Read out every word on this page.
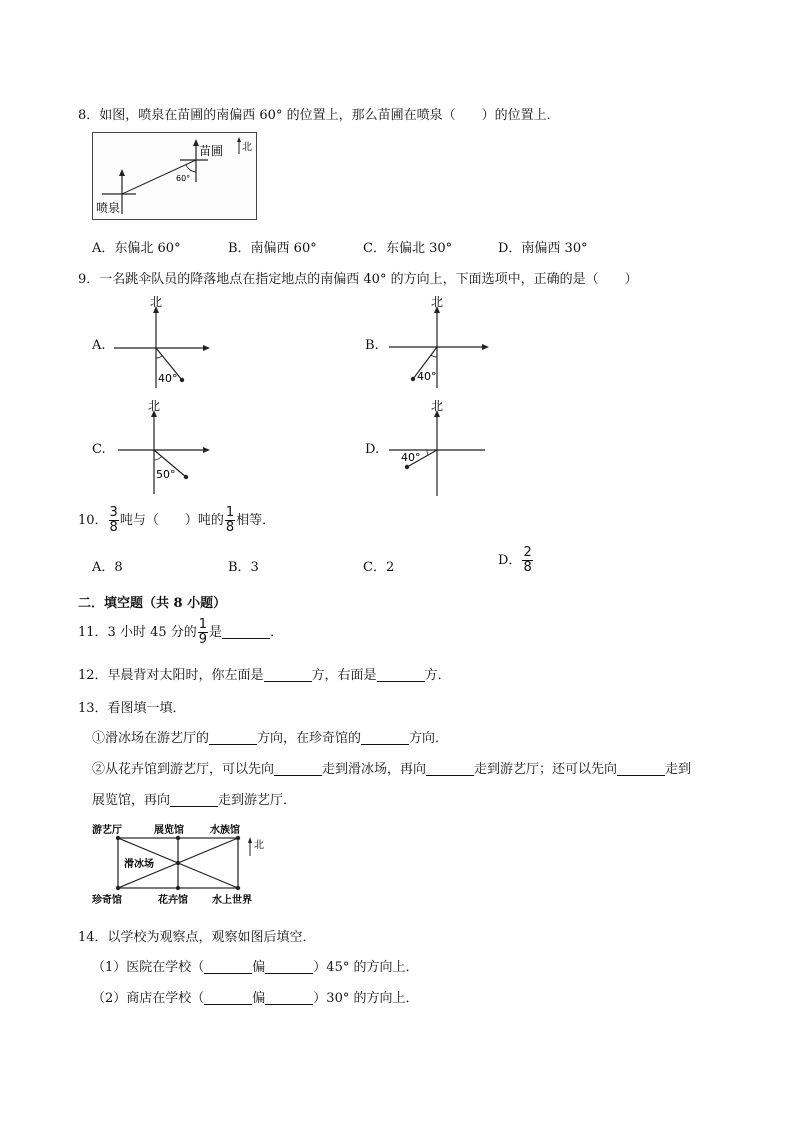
8．如图，喷泉在苗圃的南偏西 60° 的位置上，那么苗圃在喷泉（　　）的位置上．
60°
苗圃
喷泉
北
A．东偏北 60°	B．南偏西 60°	C．东偏北 30°	D．南偏西 30°
9．一名跳伞队员的降落地点在指定地点的南偏西 40° 的方向上，下面选项中，正确的是（　　）
A.
40°
北
B.
40°
北
C.
50°
北
D.
40°
北
10． $\frac{3}{8}$ 吨与（　　）吨的 $\frac{1}{8}$ 相等．
A．8	B．3	C．2	D． $\frac{2}{8}$
二．填空题（共 8 小题）
11．3 小时 45 分的 $\frac{1}{9}$ 是	．
12．早晨背对太阳时，你左面是	方，右面是	方．
13．看图填一填．
①滑冰场在游艺厅的	方向，在珍奇馆的	方向．
②从花卉馆到游艺厅，可以先向	走到滑冰场，再向	走到游艺厅；还可以先向	走到
展览馆，再向	走到游艺厅．
游艺厅	展览馆	水族馆
滑冰场
珍奇馆	花卉馆 水上世界
北
14．以学校为观察点，观察如图后填空．
（1）医院在学校（	偏	）45° 的方向上．
（2）商店在学校（	偏	）30° 的方向上．
